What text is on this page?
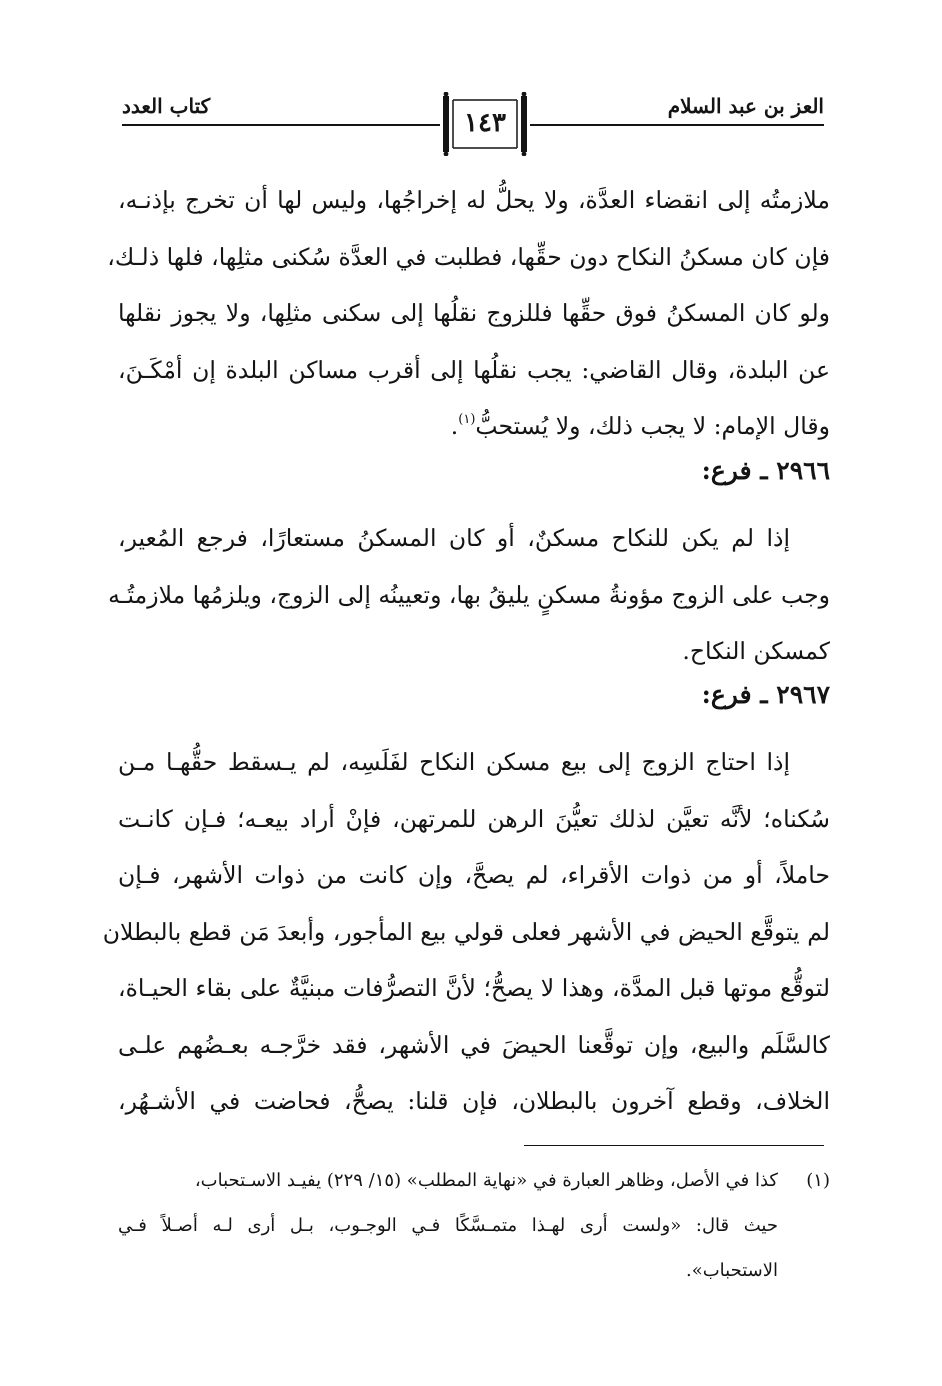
العز بن عبد السلام
كتاب العدد
١٤٣
ملازمتُه إلى انقضاء العدَّة، ولا يحلُّ له إخراجُها، وليس لها أن تخرج بإذنـه،
فإن كان مسكنُ النكاح دون حقِّها، فطلبت في العدَّة سُكنى مثلِها، فلها ذلـك،
ولو كان المسكنُ فوق حقِّها فللزوج نقلُها إلى سكنى مثلِها، ولا يجوز نقلها
عن البلدة، وقال القاضي: يجب نقلُها إلى أقرب مساكن البلدة إن أمْكَـنَ،
وقال الإمام: لا يجب ذلك، ولا يُستحبُّ$^{(١)}$.
٢٩٦٦ ـ فرع:
إذا لم يكن للنكاح مسكنٌ، أو كان المسكنُ مستعارًا، فرجع المُعير،
وجب على الزوج مؤونةُ مسكنٍ يليقُ بها، وتعيينُه إلى الزوج، ويلزمُها ملازمتُـه
كمسكن النكاح.
٢٩٦٧ ـ فرع:
إذا احتاج الزوج إلى بيع مسكن النكاح لفَلَسِه، لم يـسقط حقُّهـا مـن
سُكناه؛ لأنَّه تعيَّن لذلك تعيُّنَ الرهن للمرتهن، فإنْ أراد بيعـه؛ فـإن كانـت
حاملاً، أو من ذوات الأقراء، لم يصحَّ، وإن كانت من ذوات الأشهر، فـإن
لم يتوقَّع الحيض في الأشهر فعلى قولي بيع المأجور، وأبعدَ مَن قطع بالبطلان
لتوقُّع موتها قبل المدَّة، وهذا لا يصحُّ؛ لأنَّ التصرُّفات مبنيَّةٌ على بقاء الحيـاة،
كالسَّلَم والبيع، وإن توقَّعنا الحيضَ في الأشهر، فقد خرَّجـه بعـضُهم علـى
الخلاف، وقطع آخرون بالبطلان، فإن قلنا: يصحُّ، فحاضت في الأشـهُر،
(١)كذا في الأصل، وظاهر العبارة في «نهاية المطلب» (١٥/ ٢٢٩) يفيـد الاسـتحباب،
حيث قال: «ولست أرى لهـذا متمـسَّكًا فـي الوجـوب، بـل أرى لـه أصـلاً فـي
الاستحباب».
